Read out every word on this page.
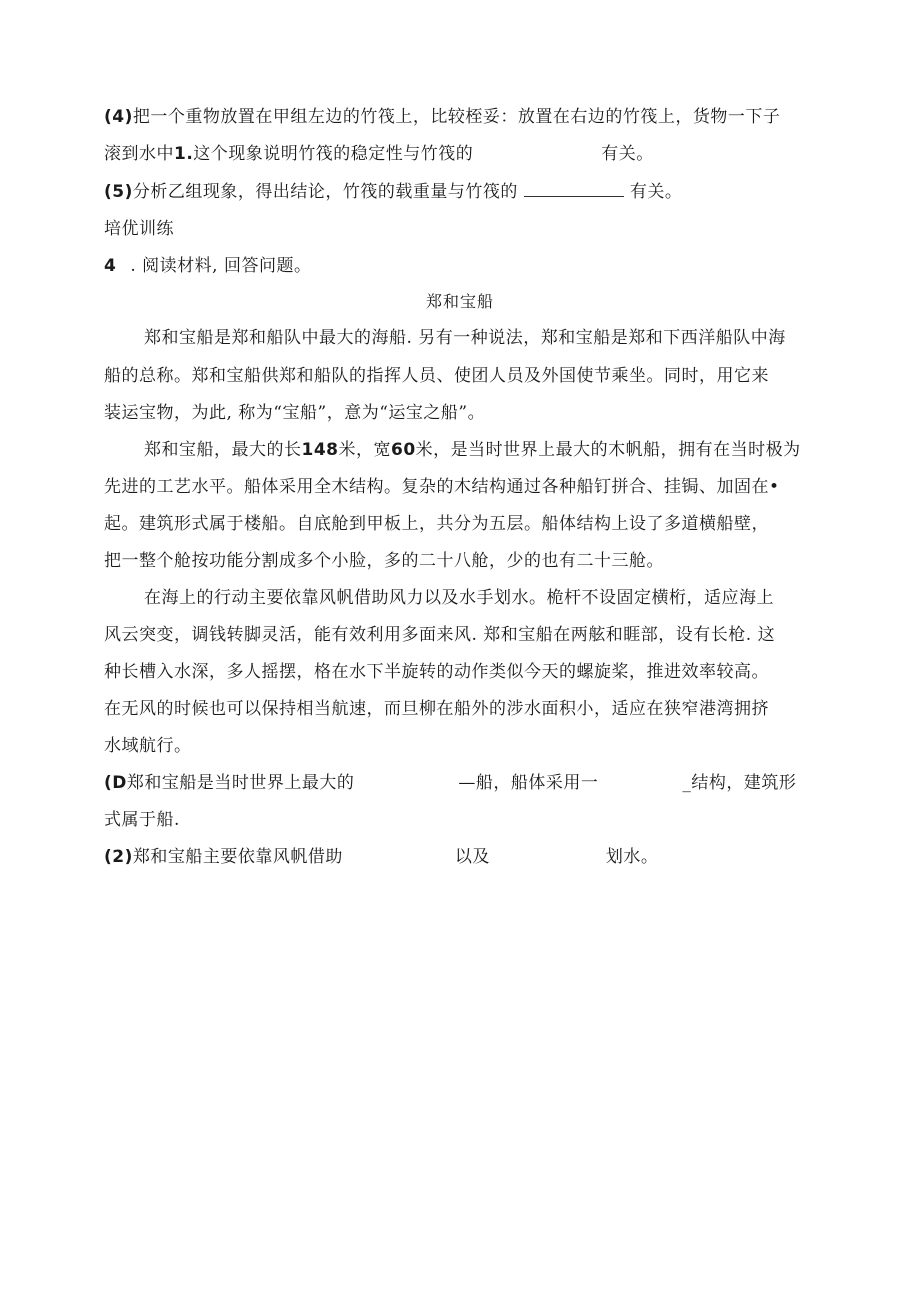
(4)把一个重物放置在甲组左边的竹筏上，比较桎妥：放置在右边的竹筏上，货物一下子
滚到水中1.这个现象说明竹筏的稳定性与竹筏的	有关。
(5)分析乙组现象，得出结论，竹筏的载重量与竹筏的	有关。
培优训练
4 . 阅读材料, 回答问题。
郑和宝船
郑和宝船是郑和船队中最大的海船. 另有一种说法，郑和宝船是郑和下西洋船队中海
船的总称。郑和宝船供郑和船队的指挥人员、使团人员及外国使节乘坐。同时，用它来
装运宝物，为此, 称为“宝船”，意为“运宝之船”。
郑和宝船，最大的长148米，宽60米，是当时世界上最大的木帆船，拥有在当时极为
先进的工艺水平。船体采用全木结构。复杂的木结构通过各种船钉拼合、挂锔、加固在•
起。建筑形式属于楼船。自底舱到甲板上，共分为五层。船体结构上设了多道横船壁，
把一整个舱按功能分割成多个小脸，多的二十八舱，少的也有二十三舱。
在海上的行动主要依靠风帆借助风力以及水手划水。桅杆不设固定横桁，适应海上
风云突变，调钱转脚灵活，能有效利用多面来风. 郑和宝船在两舷和睚部，设有长枪. 这
种长槽入水深，多人摇摆，格在水下半旋转的动作类似今天的螺旋桨，推进效率较高。
在无风的时候也可以保持相当航速，而旦柳在船外的涉水面积小，适应在狭窄港湾拥挤
水域航行。
(D郑和宝船是当时世界上最大的	—船，船体采用一	_结构，建筑形
式属于船.
(2)郑和宝船主要依靠风帆借助	以及	划水。
